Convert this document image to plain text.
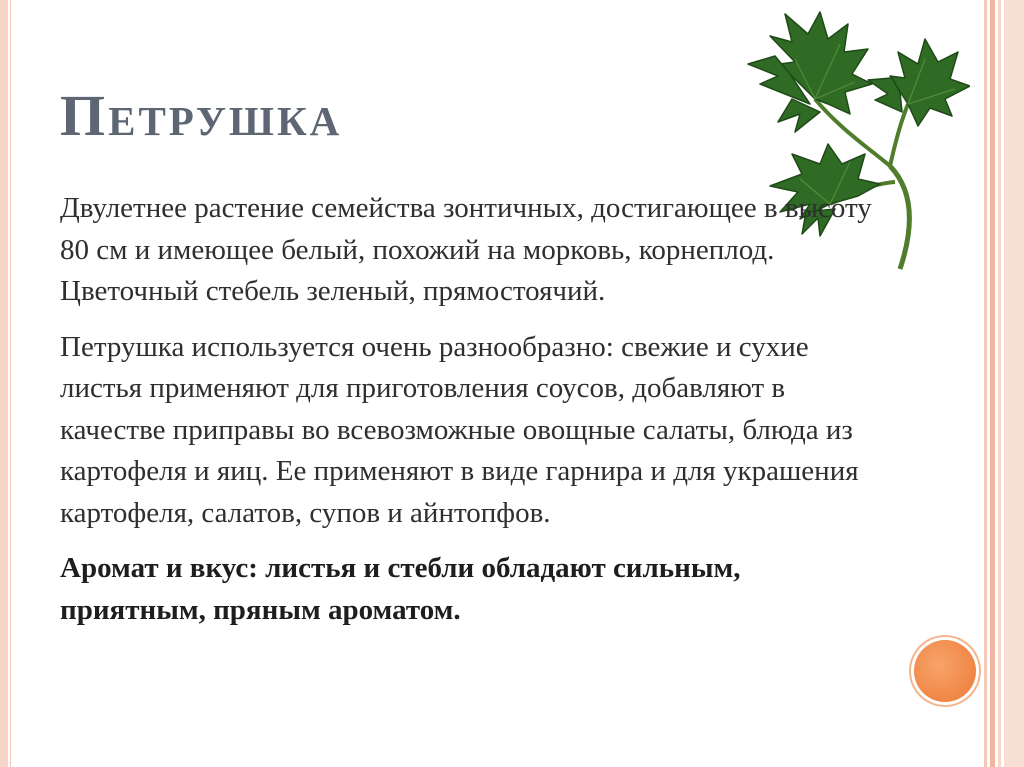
Петрушка

Двулетнее растение семейства зонтичных, достигающее в высоту 80 см и имеющее белый, похожий на морковь, корнеплод. Цветочный стебель зеленый, прямостоячий.

Петрушка используется очень разнообразно: свежие и сухие листья применяют для приготовления соусов, добавляют в качестве приправы во всевозможные овощные салаты, блюда из картофеля и яиц. Ее применяют в виде гарнира и для украшения картофеля, салатов, супов и айнтопфов.

Аромат и вкус: листья и стебли обладают сильным, приятным, пряным ароматом.
